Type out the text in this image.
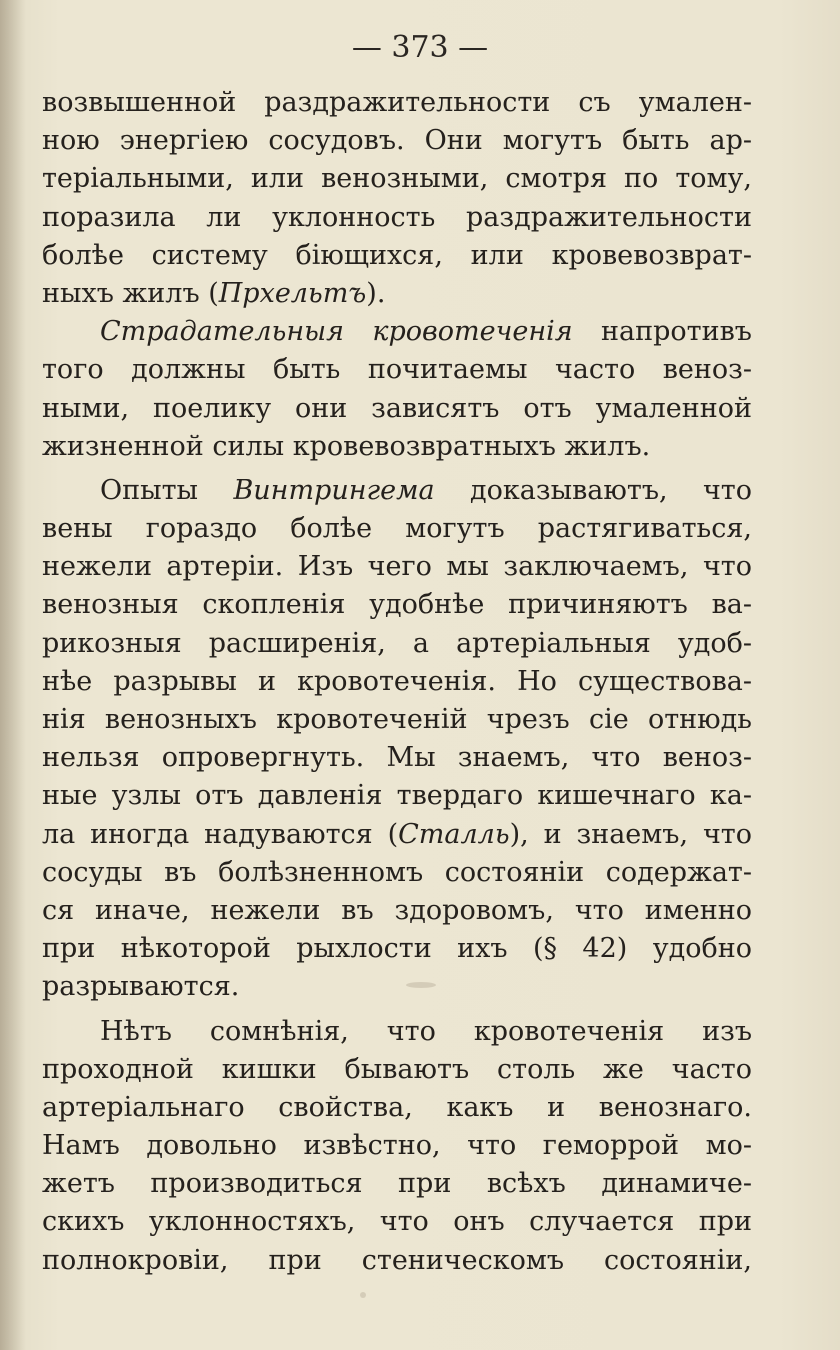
— 373 —
возвышенной раздражительности съ умален-
ною энергiею сосудовъ. Они могутъ быть ар-
терiальными, или венозными, смотря по тому,
поразила ли уклонность раздражительности
болѣе систему бiющихся, или кровевозврат-
ныхъ жилъ (Прхельтъ).
Страдательныя кровотеченiя напротивъ
того должны быть почитаемы часто веноз-
ными, поелику они зависятъ отъ умаленной
жизненной силы кровевозвратныхъ жилъ.
Опыты Винтрингема доказываютъ, что
вены гораздо болѣе могутъ растягиваться,
нежели артерiи. Изъ чего мы заключаемъ, что
венозныя скопленiя удобнѣе причиняютъ ва-
рикозныя расширенiя, а артерiальныя удоб-
нѣе разрывы и кровотеченiя. Но существова-
нiя венозныхъ кровотеченiй чрезъ сiе отнюдь
нельзя опровергнуть. Мы знаемъ, что веноз-
ные узлы отъ давленiя твердаго кишечнаго ка-
ла иногда надуваются (Сталль), и знаемъ, что
сосуды въ болѣзненномъ состоянiи содержат-
ся иначе, нежели въ здоровомъ, что именно
при нѣкоторой рыхлости ихъ (§ 42) удобно
разрываются.
Нѣтъ сомнѣнiя, что кровотеченiя изъ
проходной кишки бываютъ столь же часто
артерiальнаго свойства, какъ и венознаго.
Намъ довольно извѣстно, что геморрой мо-
жетъ производиться при всѣхъ динамиче-
скихъ уклонностяхъ, что онъ случается при
полнокровiи, при стеническомъ состоянiи,
